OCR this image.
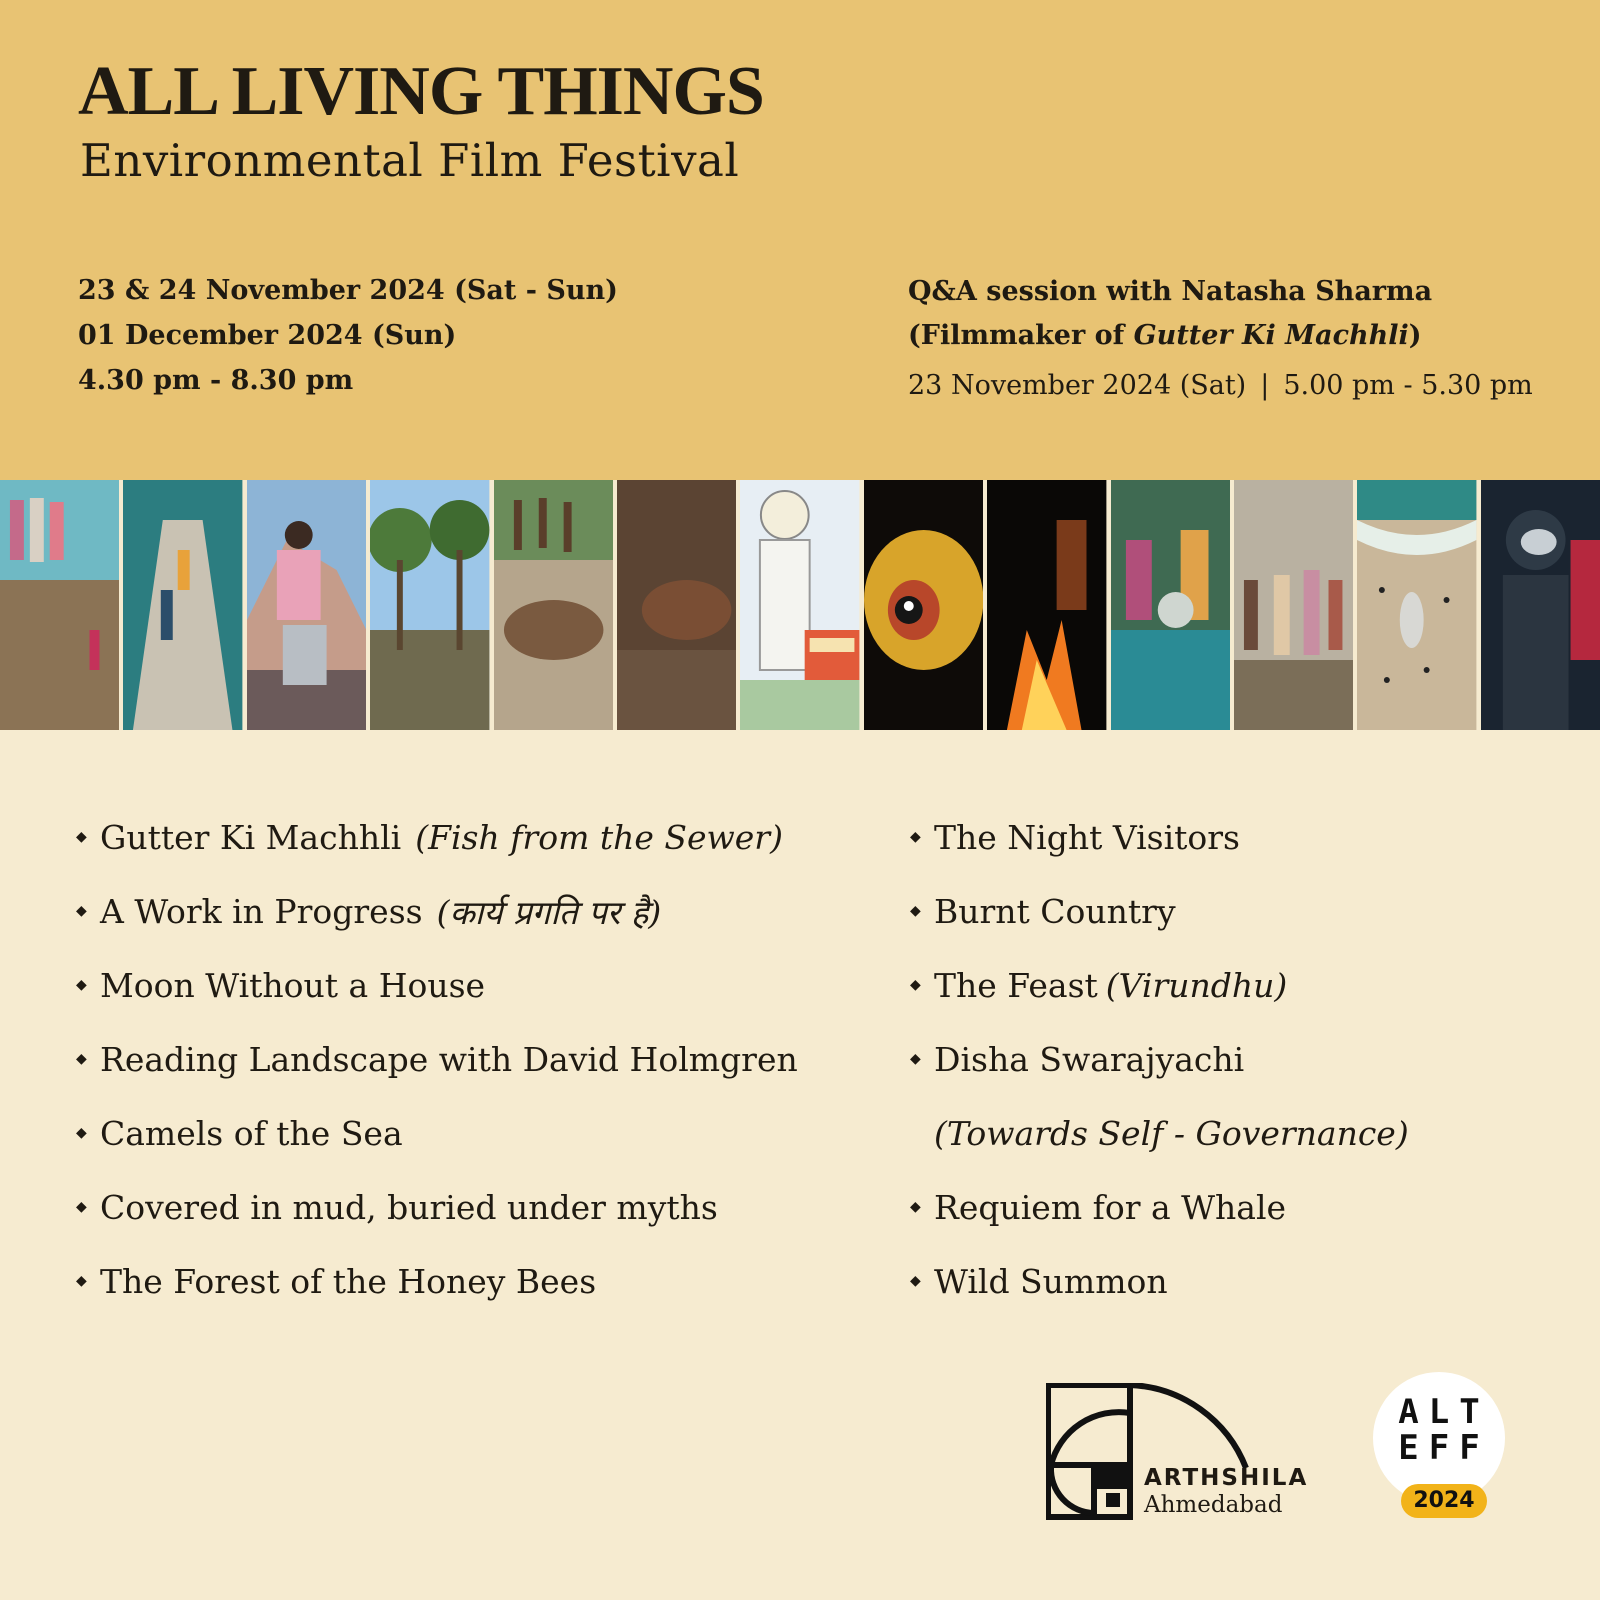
ALL LIVING THINGS
Environmental Film Festival
23 & 24 November 2024 (Sat - Sun)
01 December 2024 (Sun)
4.30 pm - 8.30 pm
Q&A session with Natasha Sharma
(Filmmaker of Gutter Ki Machhli)
23 November 2024 (Sat) | 5.00 pm - 5.30 pm
◆ Gutter Ki Machhli (Fish from the Sewer)
◆ A Work in Progress (कार्य प्रगति पर है)
◆ Moon Without a House
◆ Reading Landscape with David Holmgren
◆ Camels of the Sea
◆ Covered in mud, buried under myths
◆ The Forest of the Honey Bees
◆ The Night Visitors
◆ Burnt Country
◆ The Feast (Virundhu)
◆ Disha Swarajyachi
(Towards Self - Governance)
◆ Requiem for a Whale
◆ Wild Summon
ARTHSHILA
Ahmedabad
ALT
EFF
2024
